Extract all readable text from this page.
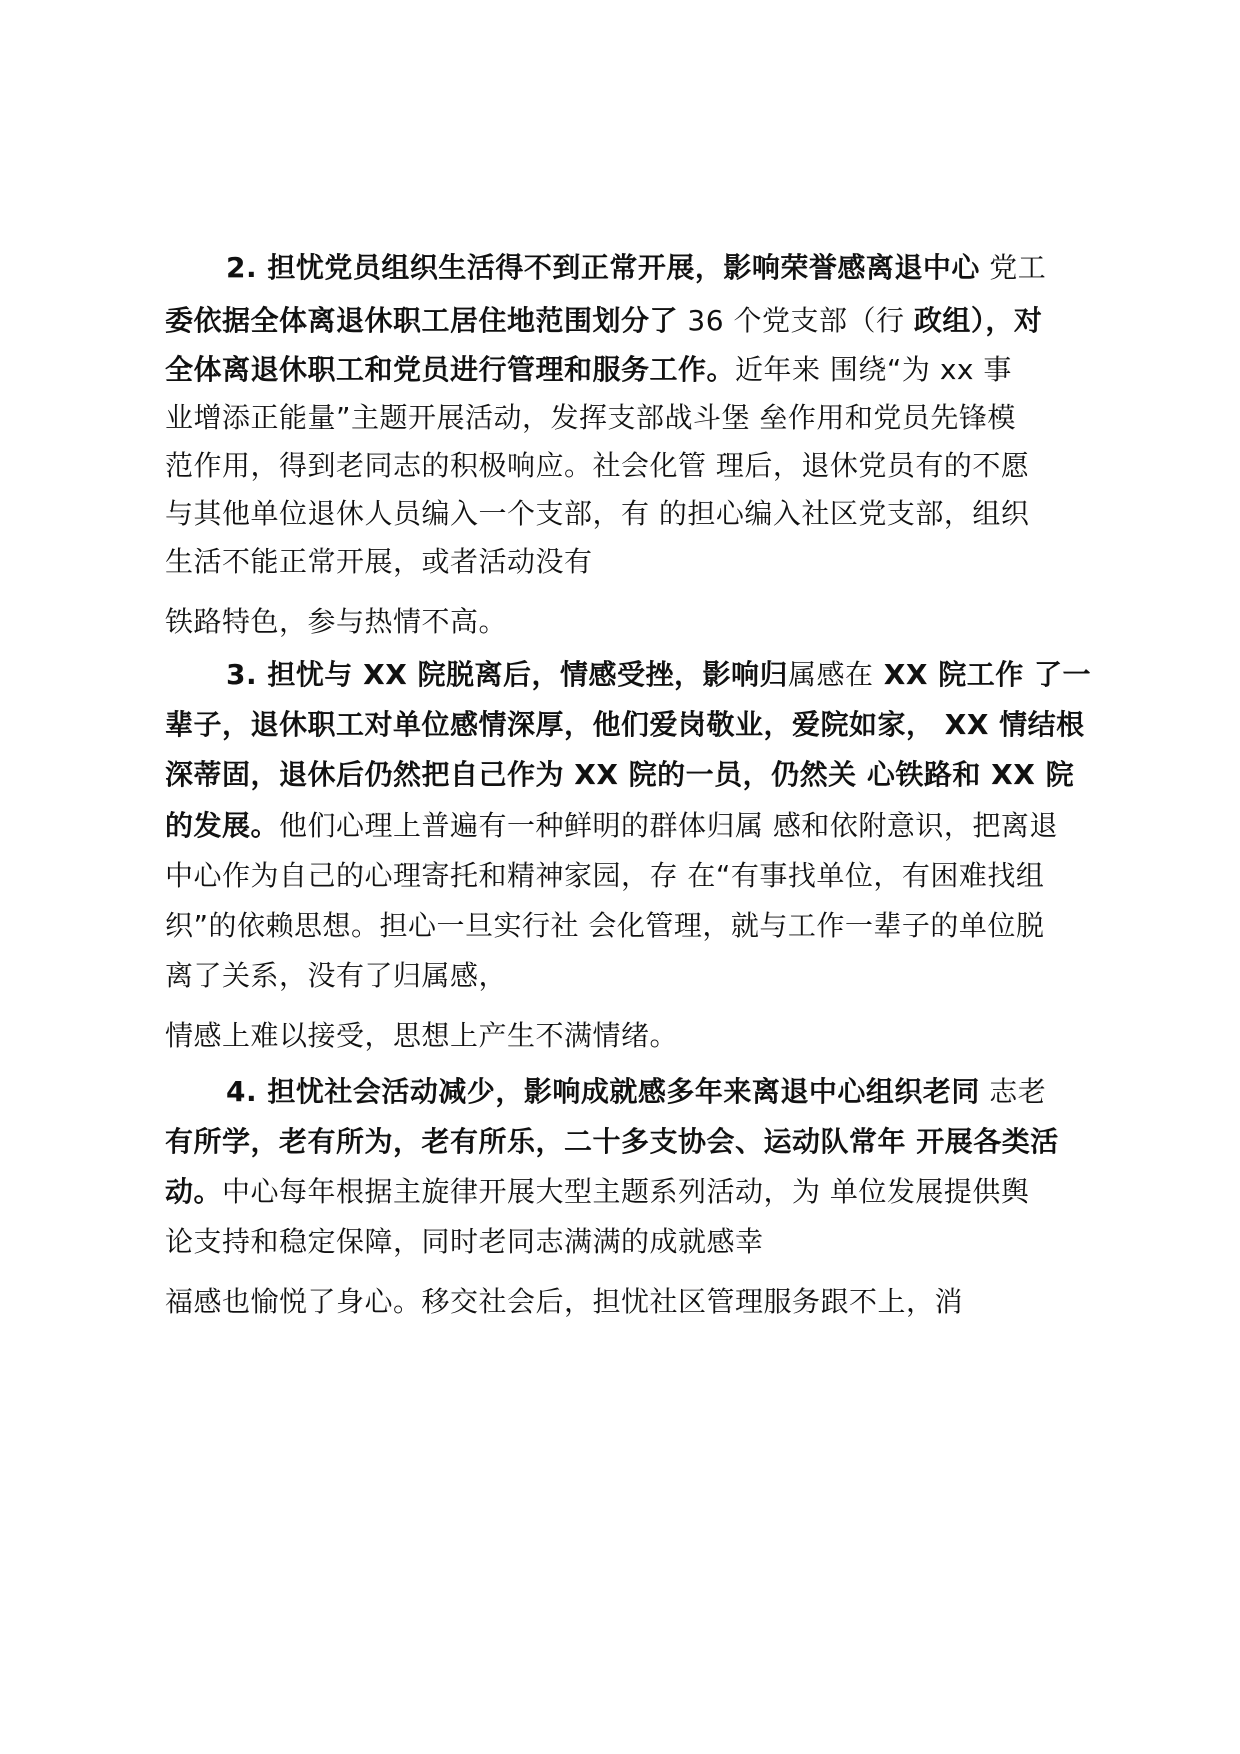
2. 担忧党员组织生活得不到正常开展，影响荣誉感离退中心 党工
委依据全体离退休职工居住地范围划分了 36 个党支部（行 政组），对
全体离退休职工和党员进行管理和服务工作。近年来 围绕“为 xx 事
业增添正能量”主题开展活动，发挥支部战斗堡 垒作用和党员先锋模
范作用，得到老同志的积极响应。社会化管 理后，退休党员有的不愿
与其他单位退休人员编入一个支部，有 的担心编入社区党支部，组织
生活不能正常开展，或者活动没有
铁路特色，参与热情不高。
3. 担忧与 XX 院脱离后，情感受挫，影响归属感在 XX 院工作 了一
辈子，退休职工对单位感情深厚，他们爱岗敬业，爱院如家， XX 情结根
深蒂固，退休后仍然把自己作为 XX 院的一员，仍然关 心铁路和 XX 院
的发展。他们心理上普遍有一种鲜明的群体归属 感和依附意识，把离退
中心作为自己的心理寄托和精神家园，存 在“有事找单位，有困难找组
织”的依赖思想。担心一旦实行社 会化管理，就与工作一辈子的单位脱
离了关系，没有了归属感，
情感上难以接受，思想上产生不满情绪。
4. 担忧社会活动减少，影响成就感多年来离退中心组织老同 志老
有所学，老有所为，老有所乐，二十多支协会、运动队常年 开展各类活
动。中心每年根据主旋律开展大型主题系列活动，为 单位发展提供舆
论支持和稳定保障，同时老同志满满的成就感幸
福感也愉悦了身心。移交社会后，担忧社区管理服务跟不上，消
